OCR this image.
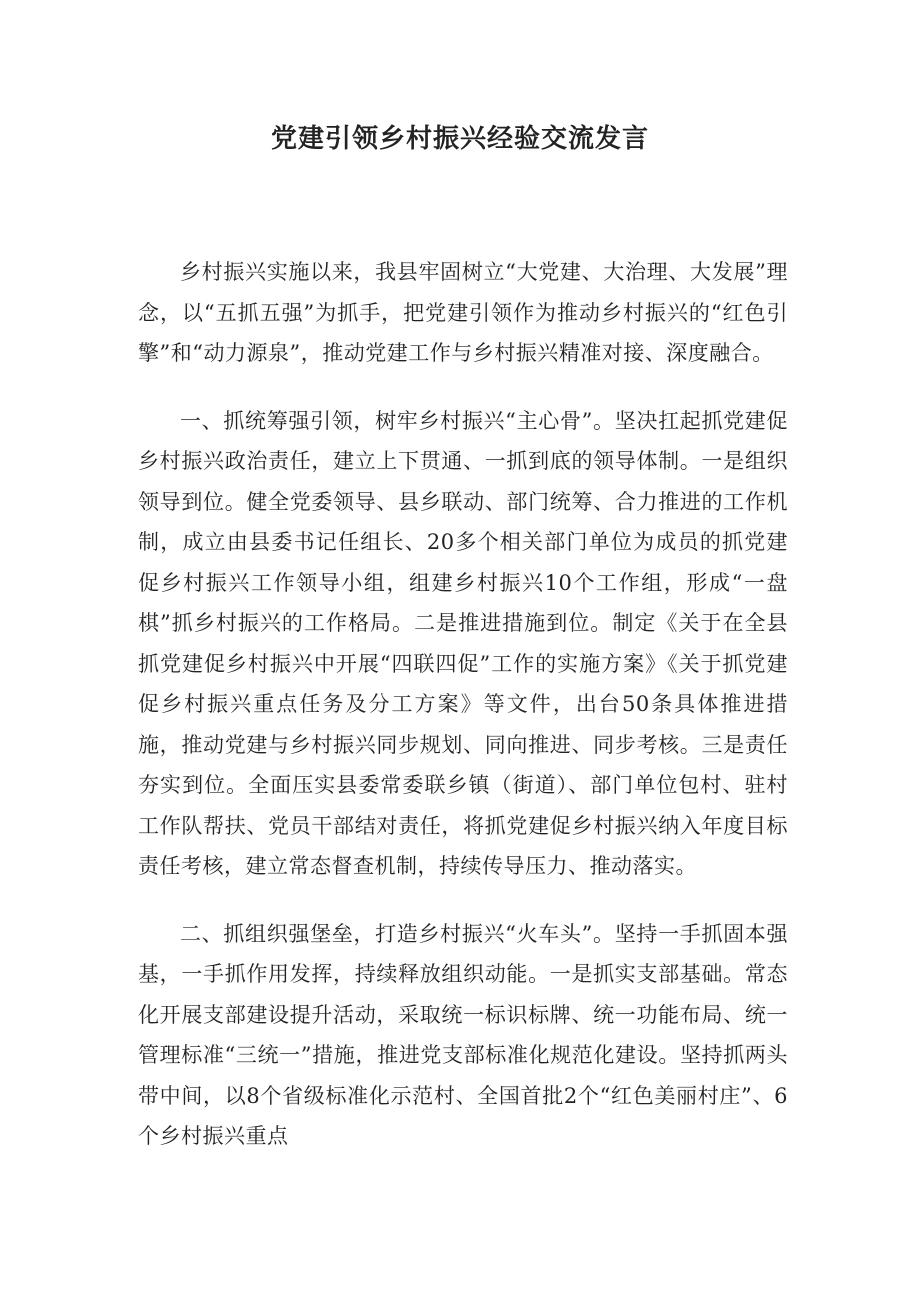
党建引领乡村振兴经验交流发言

乡村振兴实施以来，我县牢固树立“大党建、大治理、大发展”理念，以“五抓五强”为抓手，把党建引领作为推动乡村振兴的“红色引擎”和“动力源泉”，推动党建工作与乡村振兴精准对接、深度融合。

一、抓统筹强引领，树牢乡村振兴“主心骨”。坚决扛起抓党建促乡村振兴政治责任，建立上下贯通、一抓到底的领导体制。一是组织领导到位。健全党委领导、县乡联动、部门统筹、合力推进的工作机制，成立由县委书记任组长、20多个相关部门单位为成员的抓党建促乡村振兴工作领导小组，组建乡村振兴10个工作组，形成“一盘棋”抓乡村振兴的工作格局。二是推进措施到位。制定《关于在全县抓党建促乡村振兴中开展“四联四促”工作的实施方案》《关于抓党建促乡村振兴重点任务及分工方案》等文件，出台50条具体推进措施，推动党建与乡村振兴同步规划、同向推进、同步考核。三是责任夯实到位。全面压实县委常委联乡镇（街道）、部门单位包村、驻村工作队帮扶、党员干部结对责任，将抓党建促乡村振兴纳入年度目标责任考核，建立常态督查机制，持续传导压力、推动落实。

二、抓组织强堡垒，打造乡村振兴“火车头”。坚持一手抓固本强基，一手抓作用发挥，持续释放组织动能。一是抓实支部基础。常态化开展支部建设提升活动，采取统一标识标牌、统一功能布局、统一管理标准“三统一”措施，推进党支部标准化规范化建设。坚持抓两头带中间，以8个省级标准化示范村、全国首批2个“红色美丽村庄”、6个乡村振兴重点
